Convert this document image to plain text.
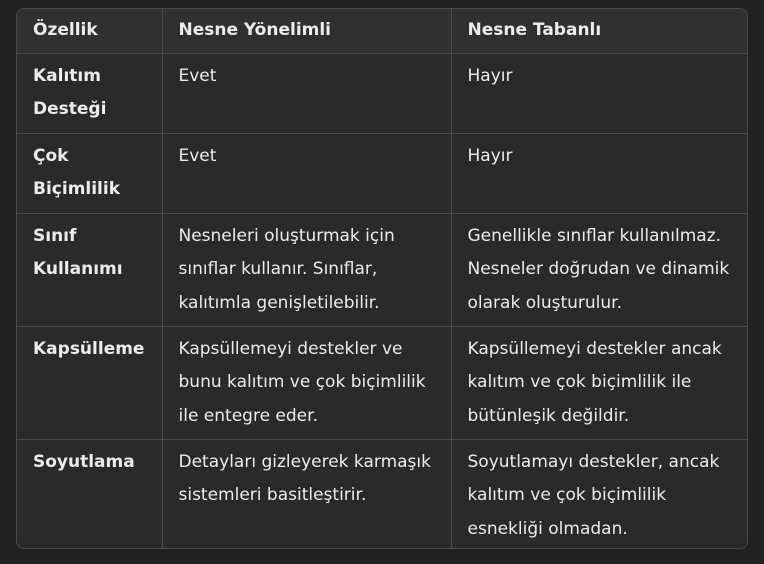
Özellik	Nesne Yönelimli	Nesne Tabanlı
Kalıtım Desteği	Evet	Hayır
Çok Biçimlilik	Evet	Hayır
Sınıf Kullanımı	Nesneleri oluşturmak için sınıflar kullanır. Sınıflar, kalıtımla genişletilebilir.	Genellikle sınıflar kullanılmaz. Nesneler doğrudan ve dinamik olarak oluşturulur.
Kapsülleme	Kapsüllemeyi destekler ve bunu kalıtım ve çok biçimlilik ile entegre eder.	Kapsüllemeyi destekler ancak kalıtım ve çok biçimlilik ile bütünleşik değildir.
Soyutlama	Detayları gizleyerek karmaşık sistemleri basitleştirir.	Soyutlamayı destekler, ancak kalıtım ve çok biçimlilik esnekliği olmadan.
